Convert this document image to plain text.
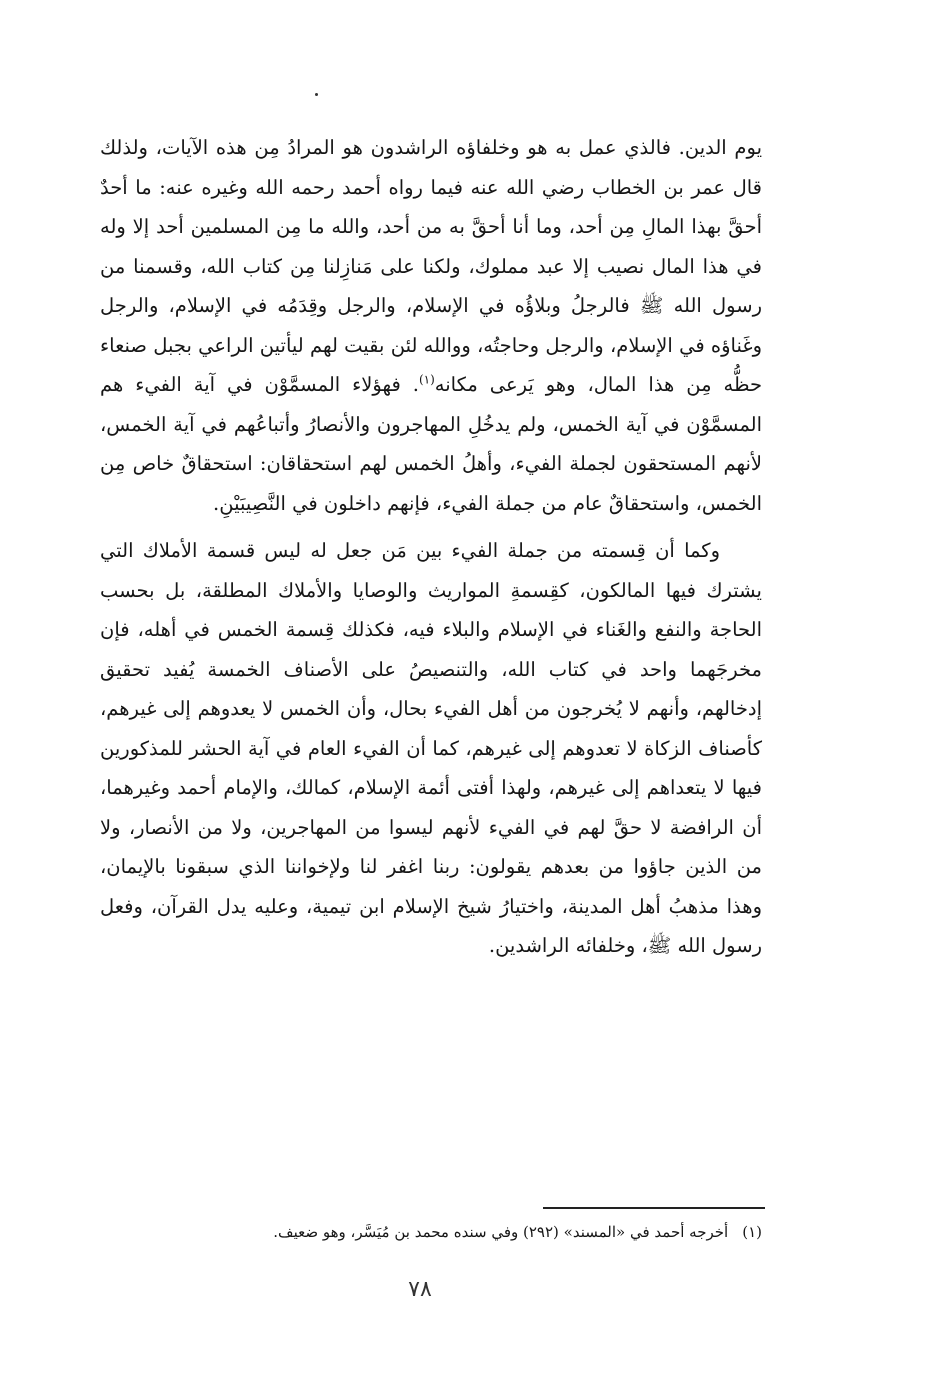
يوم الدين. فالذي عمل به هو وخلفاؤه الراشدون هو المرادُ مِن هذه الآيات، ولذلك قال عمر بن الخطاب رضي الله عنه فيما رواه أحمد رحمه الله وغيره عنه: ما أحدٌ أحقَّ بهذا المالِ مِن أحد، وما أنا أحقَّ به من أحد، والله ما مِن المسلمين أحد إلا وله في هذا المال نصيب إلا عبد مملوك، ولكنا على مَنازِلنا مِن كتاب الله، وقسمنا من رسول الله ﷺ فالرجلُ وبلاؤُه في الإسلام، والرجل وقِدَمُه في الإسلام، والرجل وغَناؤه في الإسلام، والرجل وحاجتُه، ووالله لئن بقيت لهم ليأتين الراعي بجبل صنعاء حظُّه مِن هذا المال، وهو يَرعى مكانه$^{(١)}$. فهؤلاء المسمَّوْن في آية الفيء هم المسمَّوْن في آية الخمس، ولم يدخُلِ المهاجرون والأنصارُ وأتباعُهم في آية الخمس، لأنهم المستحقون لجملة الفيء، وأهلُ الخمس لهم استحقاقان: استحقاقٌ خاص مِن الخمس، واستحقاقٌ عام من جملة الفيء، فإنهم داخلون في النَّصِيبَيْنِ.

وكما أن قِسمته من جملة الفيء بين مَن جعل له ليس قسمة الأملاك التي يشترك فيها المالكون، كقِسمةِ المواريث والوصايا والأملاك المطلقة، بل بحسب الحاجة والنفع والغَناء في الإسلام والبلاء فيه، فكذلك قِسمة الخمس في أهله، فإن مخرجَهما واحد في كتاب الله، والتنصيصُ على الأصناف الخمسة يُفيد تحقيق إدخالهم، وأنهم لا يُخرجون من أهل الفيء بحال، وأن الخمس لا يعدوهم إلى غيرهم، كأصناف الزكاة لا تعدوهم إلى غيرهم، كما أن الفيء العام في آية الحشر للمذكورين فيها لا يتعداهم إلى غيرهم، ولهذا أفتى أئمة الإسلام، كمالك، والإمام أحمد وغيرهما، أن الرافضة لا حقَّ لهم في الفيء لأنهم ليسوا من المهاجرين، ولا من الأنصار، ولا من الذين جاؤوا من بعدهم يقولون: ربنا اغفر لنا ولإخواننا الذي سبقونا بالإيمان، وهذا مذهبُ أهل المدينة، واختيارُ شيخ الإسلام ابن تيمية، وعليه يدل القرآن، وفعل رسول الله ﷺ، وخلفائه الراشدين.

(١)أخرجه أحمد في «المسند» (٢٩٢) وفي سنده محمد بن مُيَسَّر، وهو ضعيف.
٧٨
